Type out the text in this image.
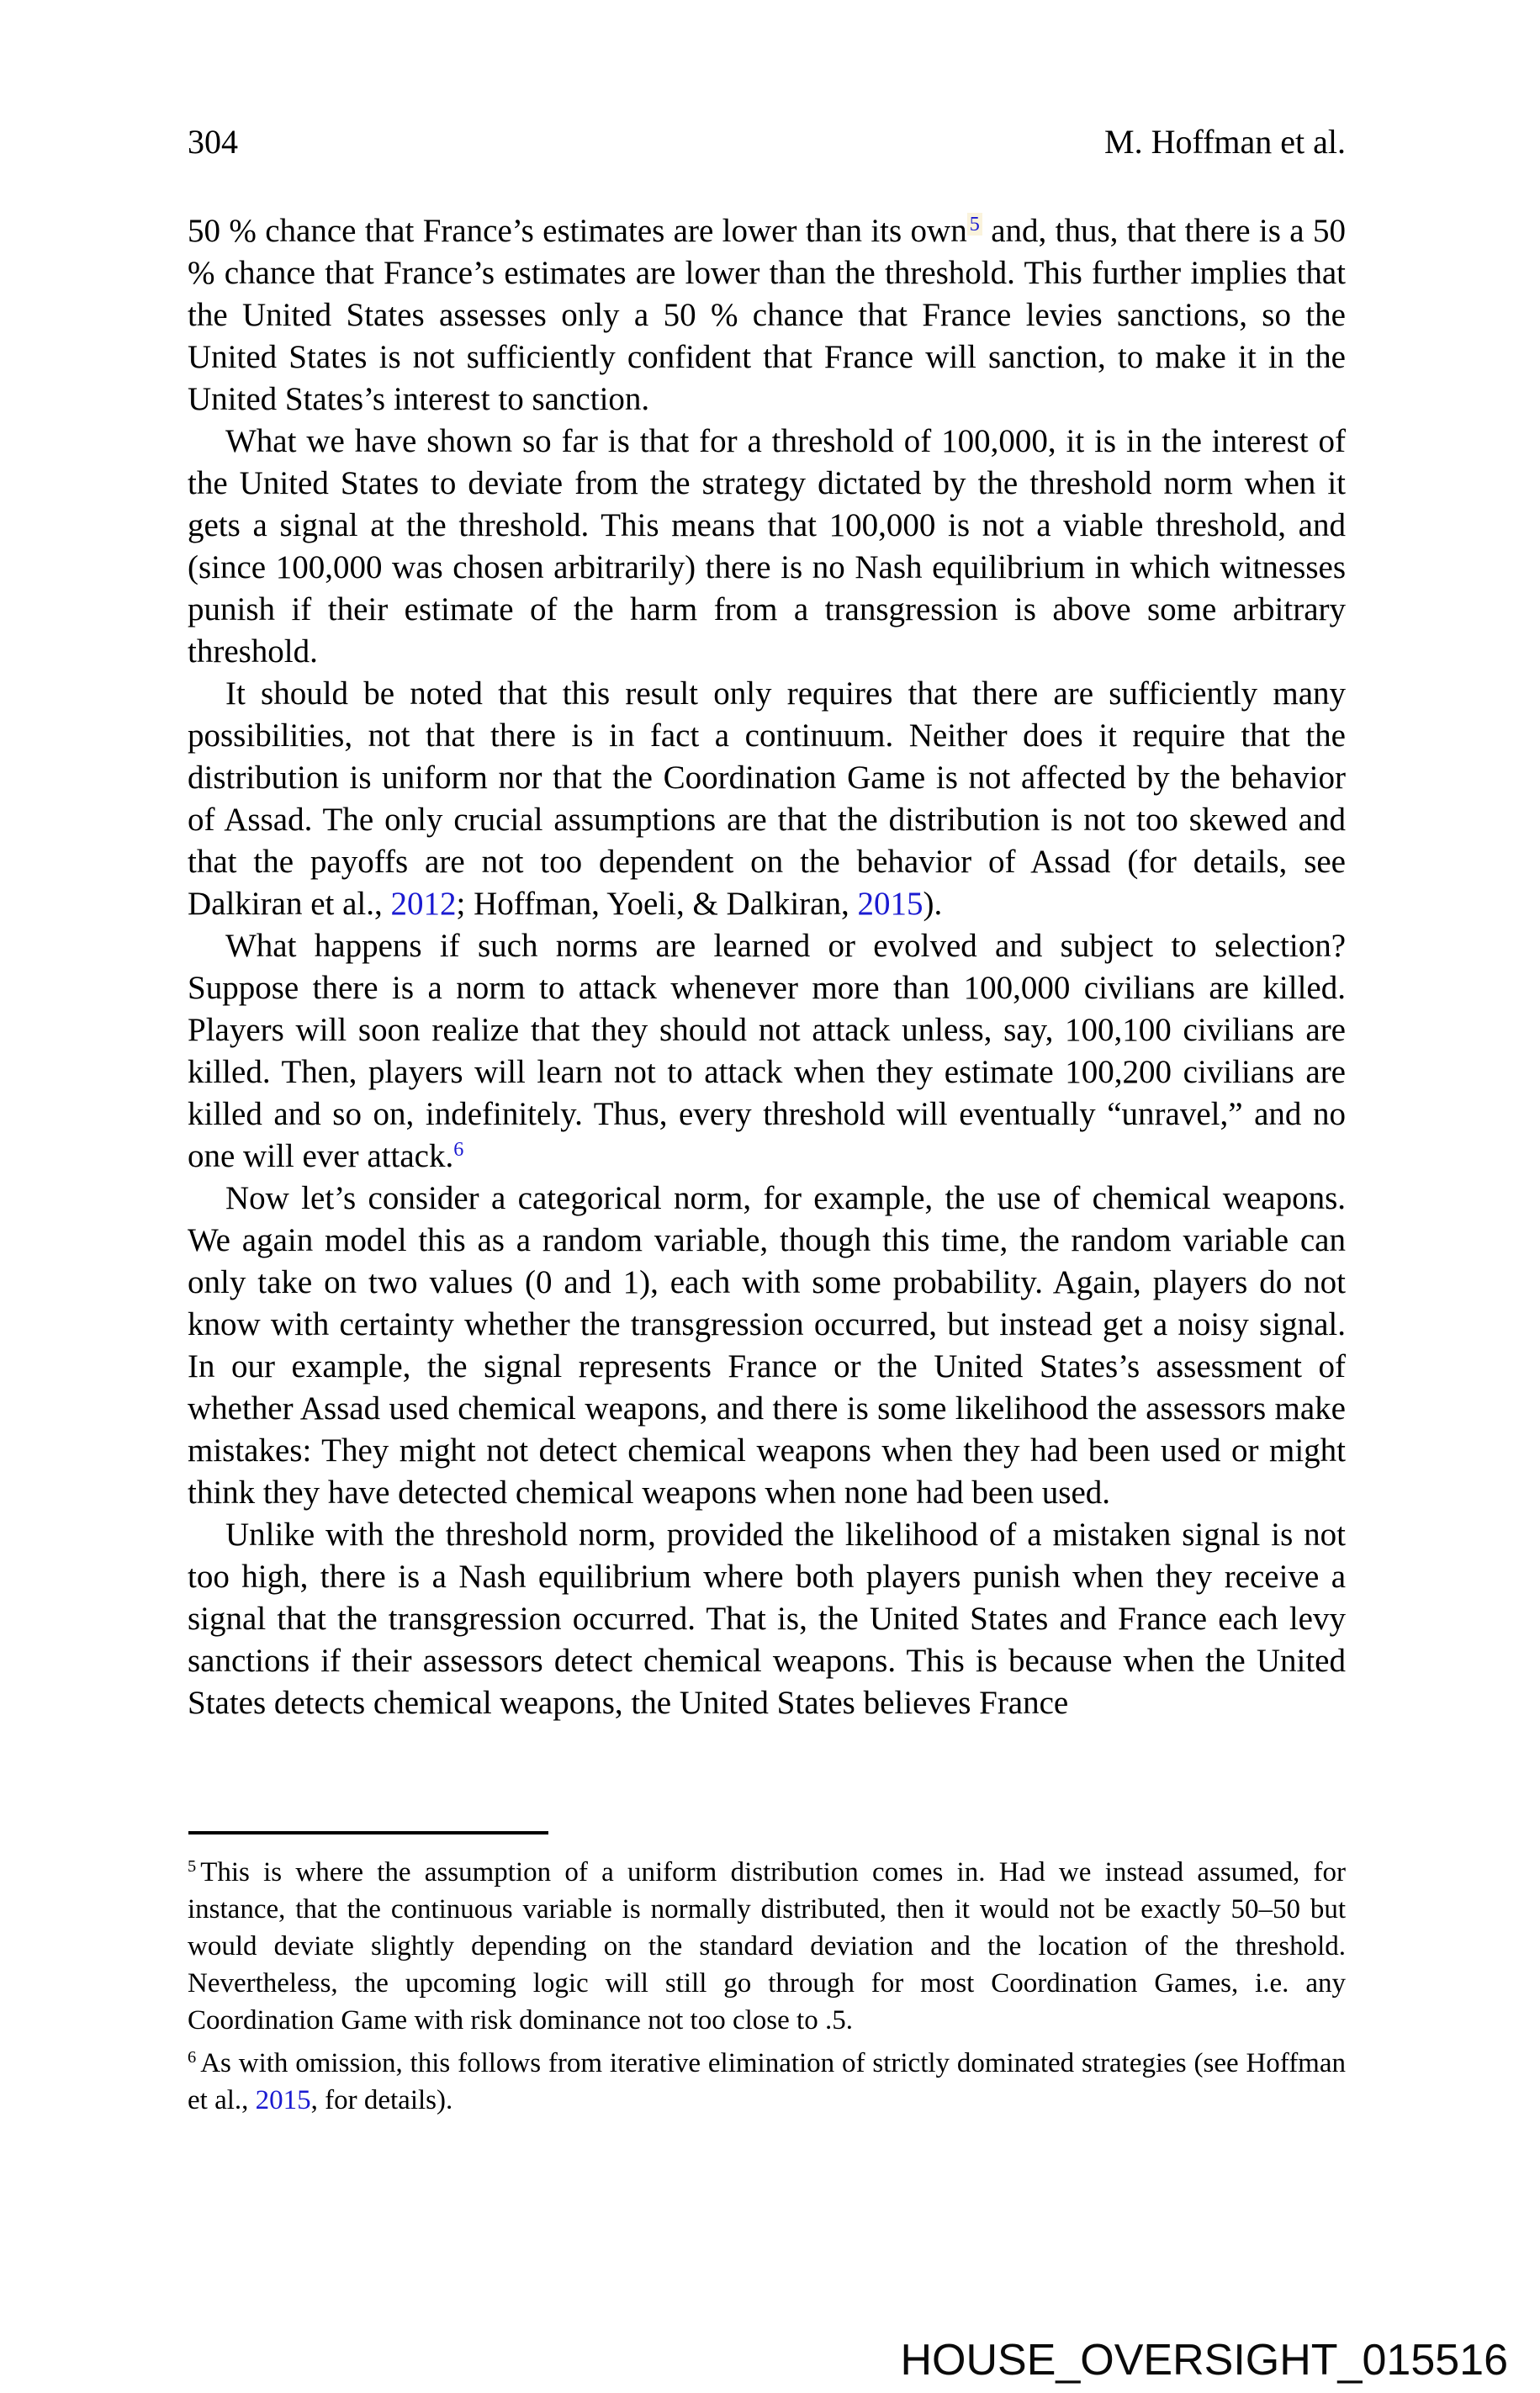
304	M. Hoffman et al.

50 % chance that France’s estimates are lower than its own $^5$ and, thus, that there is a 50 % chance that France’s estimates are lower than the threshold. This further implies that the United States assesses only a 50 % chance that France levies sanctions, so the United States is not sufficiently confident that France will sanction, to make it in the United States’s interest to sanction.

What we have shown so far is that for a threshold of 100,000, it is in the interest of the United States to deviate from the strategy dictated by the threshold norm when it gets a signal at the threshold. This means that 100,000 is not a viable threshold, and (since 100,000 was chosen arbitrarily) there is no Nash equilibrium in which witnesses punish if their estimate of the harm from a transgression is above some arbitrary threshold.

It should be noted that this result only requires that there are sufficiently many possibilities, not that there is in fact a continuum. Neither does it require that the distribution is uniform nor that the Coordination Game is not affected by the behavior of Assad. The only crucial assumptions are that the distribution is not too skewed and that the payoffs are not too dependent on the behavior of Assad (for details, see Dalkiran et al., 2012; Hoffman, Yoeli, & Dalkiran, 2015).

What happens if such norms are learned or evolved and subject to selection? Suppose there is a norm to attack whenever more than 100,000 civilians are killed. Players will soon realize that they should not attack unless, say, 100,100 civilians are killed. Then, players will learn not to attack when they estimate 100,200 civilians are killed and so on, indefinitely. Thus, every threshold will eventually “unravel,” and no one will ever attack.$^6$

Now let’s consider a categorical norm, for example, the use of chemical weapons. We again model this as a random variable, though this time, the random variable can only take on two values (0 and 1), each with some probability. Again, players do not know with certainty whether the transgression occurred, but instead get a noisy signal. In our example, the signal represents France or the United States’s assessment of whether Assad used chemical weapons, and there is some likelihood the assessors make mistakes: They might not detect chemical weapons when they had been used or might think they have detected chemical weapons when none had been used.

Unlike with the threshold norm, provided the likelihood of a mistaken signal is not too high, there is a Nash equilibrium where both players punish when they receive a signal that the transgression occurred. That is, the United States and France each levy sanctions if their assessors detect chemical weapons. This is because when the United States detects chemical weapons, the United States believes France

$^5$ This is where the assumption of a uniform distribution comes in. Had we instead assumed, for instance, that the continuous variable is normally distributed, then it would not be exactly 50–50 but would deviate slightly depending on the standard deviation and the location of the threshold. Nevertheless, the upcoming logic will still go through for most Coordination Games, i.e. any Coordination Game with risk dominance not too close to .5.

$^6$ As with omission, this follows from iterative elimination of strictly dominated strategies (see Hoffman et al., 2015, for details).

HOUSE_OVERSIGHT_015516
